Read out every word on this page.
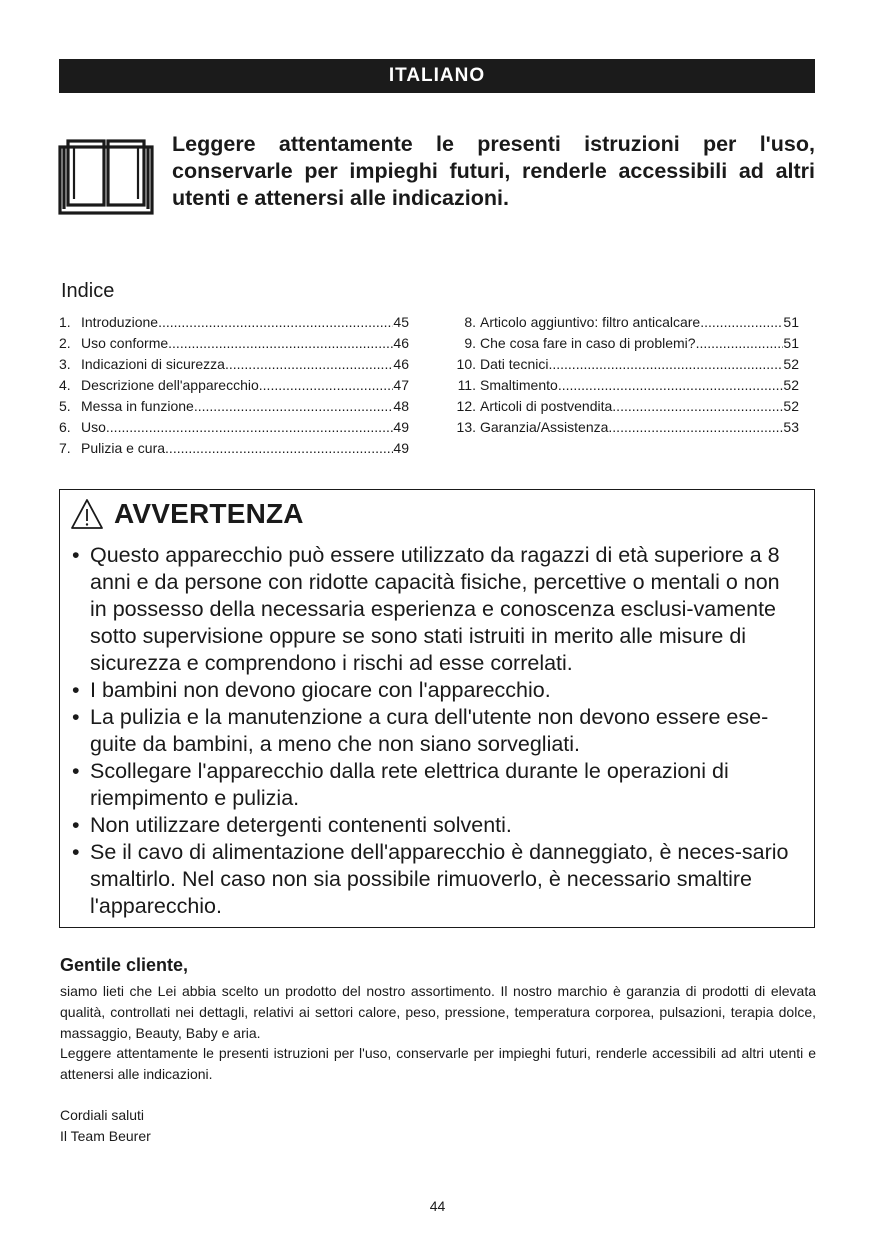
ITALIANO

Leggere attentamente le presenti istruzioni per l'uso, conservarle per impieghi futuri, renderle accessibili ad altri utenti e attenersi alle indicazioni.

Indice
1. Introduzione .....	45
2. Uso conforme .....	46
3. Indicazioni di sicurezza .....	46
4. Descrizione dell'apparecchio .....	47
5. Messa in funzione .....	48
6. Uso .....	49
7. Pulizia e cura .....	49
8. Articolo aggiuntivo: filtro anticalcare .....	51
9. Che cosa fare in caso di problemi? .....	51
10. Dati tecnici .....	52
11. Smaltimento .....	52
12. Articoli di postvendita .....	52
13. Garanzia/Assistenza .....	53
AVVERTENZA
• Questo apparecchio può essere utilizzato da ragazzi di età superiore a 8 anni e da persone con ridotte capacità fisiche, percettive o mentali o non in possesso della necessaria esperienza e conoscenza esclusi-vamente sotto supervisione oppure se sono stati istruiti in merito alle misure di sicurezza e comprendono i rischi ad esse correlati.
• I bambini non devono giocare con l'apparecchio.
• La pulizia e la manutenzione a cura dell'utente non devono essere ese-guite da bambini, a meno che non siano sorvegliati.
• Scollegare l'apparecchio dalla rete elettrica durante le operazioni di riempimento e pulizia.
• Non utilizzare detergenti contenenti solventi.
• Se il cavo di alimentazione dell'apparecchio è danneggiato, è neces-sario smaltirlo. Nel caso non sia possibile rimuoverlo, è necessario smaltire l'apparecchio.
Gentile cliente,

siamo lieti che Lei abbia scelto un prodotto del nostro assortimento. Il nostro marchio è garanzia di prodotti di elevata qualità, controllati nei dettagli, relativi ai settori calore, peso, pressione, temperatura corporea, pulsazioni, terapia dolce, massaggio, Beauty, Baby e aria.

Leggere attentamente le presenti istruzioni per l'uso, conservarle per impieghi futuri, renderle accessibili ad altri utenti e attenersi alle indicazioni.

Cordiali saluti
Il Team Beurer

44
